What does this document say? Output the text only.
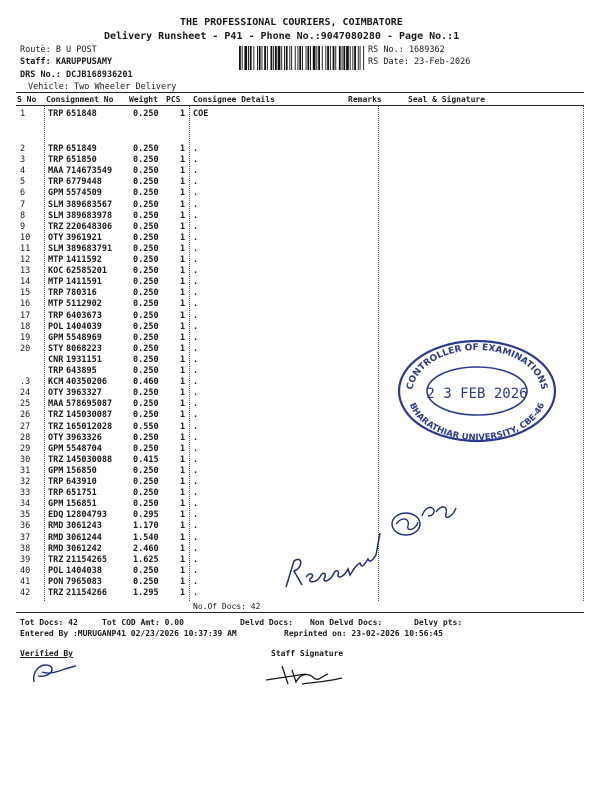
THE PROFESSIONAL COURIERS, COIMBATORE
Delivery Runsheet - P41 - Phone No.:9047080280 - Page No.:1
Routè: B U POST
Staff: KARUPPUSAMY
DRS No.: DCJB168936201
Vehicle: Two Wheeler Delivery
RS No.: 1689362
RS Date: 23-Feb-2026
S No Consignment No Weight PCS Consignee Details	Remarks	Seal & Signature
1	TRP 651848	0.250	1 COE
2	TRP 651849	0.250	1 .
3	TRP 651850	0.250	1 .
4	MAA 714673549 0.250	1 .
5	TRP 6779448	0.250	1 .
6	GPM 5574509	0.250	1 .
7	SLM 389683567 0.250	1 .
8	SLM 389683978 0.250	1 .
9	TRZ 220648306 0.250	1 .
10 OTY 3961921	0.250	1 .
11 SLM 389683791 0.250	1 .
12 MTP 1411592	0.250	1 .
13 KOC 62585201	0.250	1 .
14 MTP 1411591	0.250	1 .
15 TRP 780316	0.250	1 .
16 MTP 5112902	0.250	1 .
17 TRP 6403673	0.250	1 .
18 POL 1404039	0.250	1 .
19 GPM 5548969	0.250	1 .
20 STY 8068223	0.250	1 .
CNR 1931151	0.250	1 .
TRP 643895	0.250	1 .
.3 KCM 40350206	0.460	1 .
24 OTY 3963327	0.250	1 .
25 MAA 578695087 0.250	1 .
26 TRZ 145030087 0.250	1 .
27 TRZ 165012028 0.550	1 .
28 OTY 3963326	0.250	1 .
29 GPM 5548704	0.250	1 .
30 TRZ 145030088 0.415	1 .
31 GPM 156850	0.250	1 .
32 TRP 643910	0.250	1 .
33 TRP 651751	0.250	1 .
34 GPM 156851	0.250	1 .
35 EDQ 12804793	0.295	1 .
36 RMD 3061243	1.170	1 .
37 RMD 3061244	1.540	1 .
38 RMD 3061242	2.460	1 .
39 TRZ 21154265	1.625	1 .
40 POL 1404038	0.250	1 .
41 PON 7965083	0.250	1 .
42 TRZ 21154266	1.295	1 .
No.Of Docs: 42
Tot Docs: 42	Tot COD Amt: 0.00	Delvd Docs: Non Delvd Docs:	Delvy pts:
Entered By :MURUGANP41 02/23/2026 10:37:39 AM	Reprinted on: 23-02-2026 10:56:45
Verified By	Staff Signature
CONTROLLER OF EXAMINATIONS
2 3 FEB 2026
BHARATHIAR UNIVERSITY, CBE-46
